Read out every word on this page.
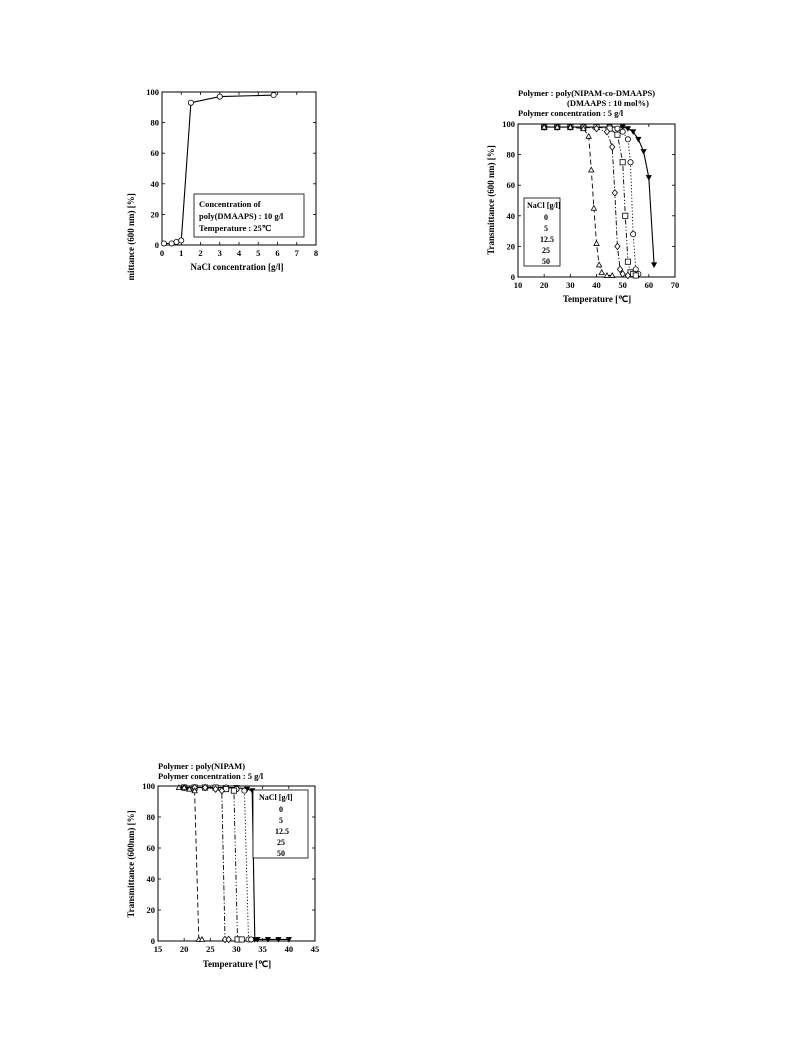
Transmittance (600 nm) [%]	NaCl concentration [g/l]
0 1 2 3 4 5 6 7 8
0
20
40
60
80
100
Concentration of
poly(DMAAPS) : 10 g/l
Temperature : 25℃
Polymer : poly(NIPAM-co-DMAAPS)
(DMAAPS : 10 mol%)
Polymer concentration : 5 g/l
Transmittance (600 nm) [%]
Temperature [℃]
10 20 30 40 50 60 70
0
20
40
60
80
100
NaCl [g/l]
0
5
12.5
25
50
Polymer : poly(NIPAM)
Polymer concentration : 5 g/l
Transmittance (600nm) [%]
Temperature [℃]
15 20 25 30 35 40 45
0
20
40
60
80
100
NaCl [g/l]
0
5
12.5
25
50
